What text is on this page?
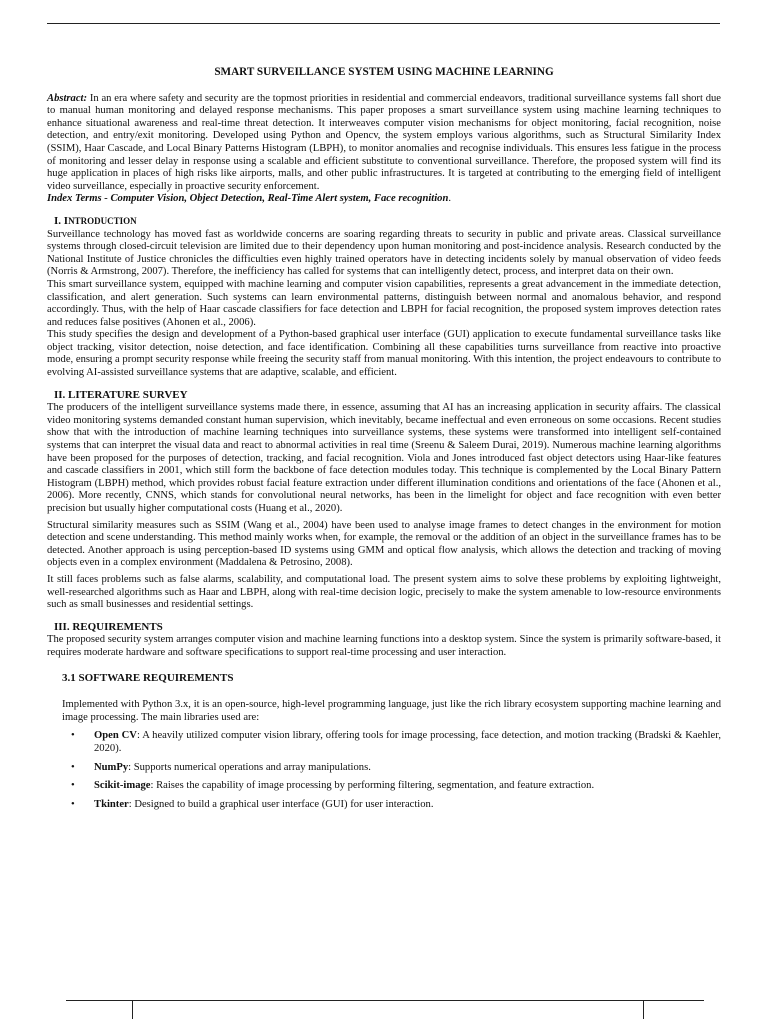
SMART SURVEILLANCE SYSTEM USING MACHINE LEARNING

Abstract: In an era where safety and security are the topmost priorities in residential and commercial endeavors, traditional surveillance systems fall short due to manual human monitoring and delayed response mechanisms. This paper proposes a smart surveillance system using machine learning techniques to enhance situational awareness and real-time threat detection. It interweaves computer vision mechanisms for object monitoring, facial recognition, noise detection, and entry/exit monitoring. Developed using Python and Opencv, the system employs various algorithms, such as Structural Similarity Index (SSIM), Haar Cascade, and Local Binary Patterns Histogram (LBPH), to monitor anomalies and recognise individuals. This ensures less fatigue in the process of monitoring and lesser delay in response using a scalable and efficient substitute to conventional surveillance. Therefore, the proposed system will find its huge application in places of high risks like airports, malls, and other public infrastructures. It is targeted at contributing to the emerging field of intelligent video surveillance, especially in proactive security enforcement.

Index Terms - Computer Vision, Object Detection, Real-Time Alert system, Face recognition.

I. INTRODUCTION

Surveillance technology has moved fast as worldwide concerns are soaring regarding threats to security in public and private areas. Classical surveillance systems through closed-circuit television are limited due to their dependency upon human monitoring and post-incidence analysis. Research conducted by the National Institute of Justice chronicles the difficulties even highly trained operators have in detecting incidents solely by manual observation of video feeds (Norris & Armstrong, 2007). Therefore, the inefficiency has called for systems that can intelligently detect, process, and interpret data on their own.

This smart surveillance system, equipped with machine learning and computer vision capabilities, represents a great advancement in the immediate detection, classification, and alert generation. Such systems can learn environmental patterns, distinguish between normal and anomalous behavior, and respond accordingly. Thus, with the help of Haar cascade classifiers for face detection and LBPH for facial recognition, the proposed system improves detection rates and reduces false positives (Ahonen et al., 2006).

This study specifies the design and development of a Python-based graphical user interface (GUI) application to execute fundamental surveillance tasks like object tracking, visitor detection, noise detection, and face identification. Combining all these capabilities turns surveillance from reactive into proactive mode, ensuring a prompt security response while freeing the security staff from manual monitoring. With this intention, the project endeavours to contribute to evolving AI-assisted surveillance systems that are adaptive, scalable, and efficient.

II. LITERATURE SURVEY

The producers of the intelligent surveillance systems made there, in essence, assuming that AI has an increasing application in security affairs. The classical video monitoring systems demanded constant human supervision, which inevitably, became ineffectual and even erroneous on some occasions. Recent studies show that with the introduction of machine learning techniques into surveillance systems, these systems were transformed into intelligent self-contained systems that can interpret the visual data and react to abnormal activities in real time (Sreenu & Saleem Durai, 2019). Numerous machine learning algorithms have been proposed for the purposes of detection, tracking, and facial recognition. Viola and Jones introduced fast object detectors using Haar-like features and cascade classifiers in 2001, which still form the backbone of face detection modules today. This technique is complemented by the Local Binary Pattern Histogram (LBPH) method, which provides robust facial feature extraction under different illumination conditions and orientations of the face (Ahonen et al., 2006). More recently, CNNS, which stands for convolutional neural networks, has been in the limelight for object and face recognition with even better precision but usually higher computational costs (Huang et al., 2020).

Structural similarity measures such as SSIM (Wang et al., 2004) have been used to analyse image frames to detect changes in the environment for motion detection and scene understanding. This method mainly works when, for example, the removal or the addition of an object in the surveillance frames has to be detected. Another approach is using perception-based ID systems using GMM and optical flow analysis, which allows the detection and tracking of moving objects even in a complex environment (Maddalena & Petrosino, 2008).

It still faces problems such as false alarms, scalability, and computational load. The present system aims to solve these problems by exploiting lightweight, well-researched algorithms such as Haar and LBPH, along with real-time decision logic, precisely to make the system amenable to low-resource environments such as small businesses and residential settings.

III. REQUIREMENTS

The proposed security system arranges computer vision and machine learning functions into a desktop system. Since the system is primarily software-based, it requires moderate hardware and software specifications to support real-time processing and user interaction.

3.1 SOFTWARE REQUIREMENTS

Implemented with Python 3.x, it is an open-source, high-level programming language, just like the rich library ecosystem supporting machine learning and image processing. The main libraries used are:

• Open CV: A heavily utilized computer vision library, offering tools for image processing, face detection, and motion tracking (Bradski & Kaehler, 2020).
• NumPy: Supports numerical operations and array manipulations.
• Scikit-image: Raises the capability of image processing by performing filtering, segmentation, and feature extraction.
• Tkinter: Designed to build a graphical user interface (GUI) for user interaction.
